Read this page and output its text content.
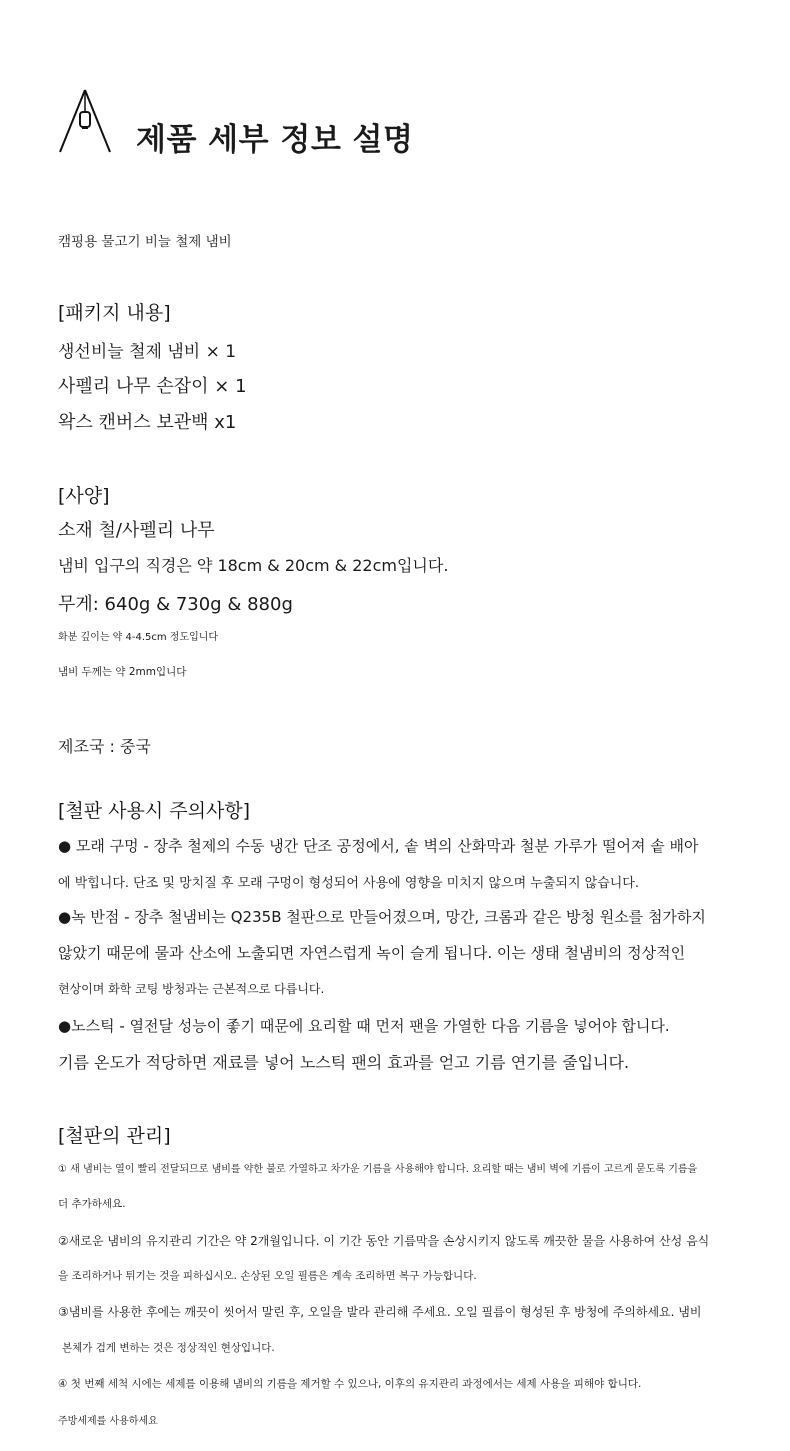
제품 세부 정보 설명
캠핑용 물고기 비늘 철제 냄비
[패키지 내용]
생선비늘 철제 냄비 × 1
사펠리 나무 손잡이 × 1
왁스 캔버스 보관백 x1
[사양]
소재 철/사펠리 나무
냄비 입구의 직경은 약 18cm & 20cm & 22cm입니다.
무게: 640g & 730g & 880g
화분 깊이는 약 4-4.5cm 정도입니다
냄비 두께는 약 2mm입니다
제조국 : 중국
[철판 사용시 주의사항]
● 모래 구멍 - 장추 철제의 수동 냉간 단조 공정에서, 솥 벽의 산화막과 철분 가루가 떨어져 솥 배아
에 박힙니다. 단조 및 망치질 후 모래 구멍이 형성되어 사용에 영향을 미치지 않으며 누출되지 않습니다.
●녹 반점 - 장추 철냄비는 Q235B 철판으로 만들어졌으며, 망간, 크롬과 같은 방청 원소를 첨가하지
않았기 때문에 물과 산소에 노출되면 자연스럽게 녹이 슬게 됩니다. 이는 생태 철냄비의 정상적인
현상이며 화학 코팅 방청과는 근본적으로 다릅니다.
●노스틱 - 열전달 성능이 좋기 때문에 요리할 때 먼저 팬을 가열한 다음 기름을 넣어야 합니다.
기름 온도가 적당하면 재료를 넣어 노스틱 팬의 효과를 얻고 기름 연기를 줄입니다.
[철판의 관리]
① 새 냄비는 열이 빨리 전달되므로 냄비를 약한 불로 가열하고 차가운 기름을 사용해야 합니다. 요리할 때는 냄비 벽에 기름이 고르게 묻도록 기름을
더 추가하세요.
②새로운 냄비의 유지관리 기간은 약 2개월입니다. 이 기간 동안 기름막을 손상시키지 않도록 깨끗한 물을 사용하여 산성 음식
을 조리하거나 튀기는 것을 피하십시오. 손상된 오일 필름은 계속 조리하면 복구 가능합니다.
③냄비를 사용한 후에는 깨끗이 씻어서 말린 후, 오일을 발라 관리해 주세요. 오일 필름이 형성된 후 방청에 주의하세요. 냄비
본체가 검게 변하는 것은 정상적인 현상입니다.
④ 첫 번째 세척 시에는 세제를 이용해 냄비의 기름을 제거할 수 있으나, 이후의 유지관리 과정에서는 세제 사용을 피해야 합니다.
주방세제를 사용하세요
